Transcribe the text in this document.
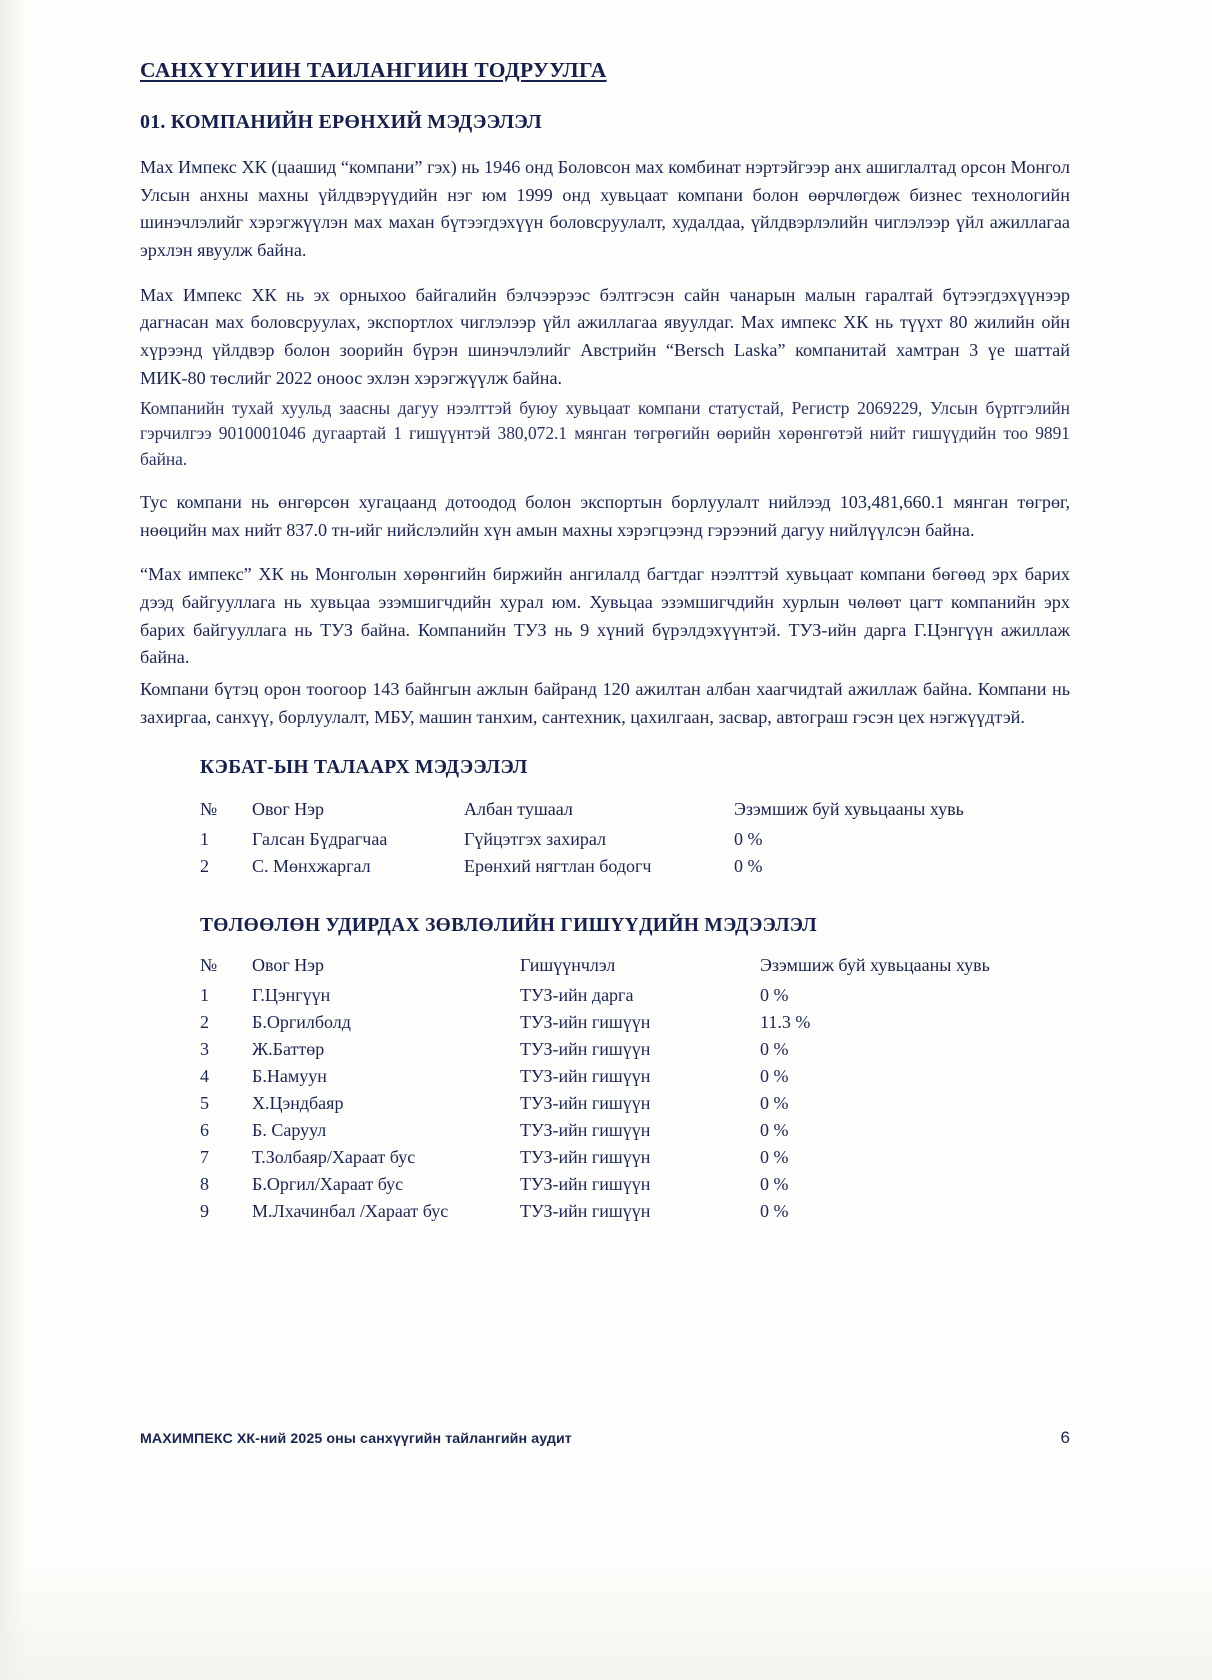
САНХҮҮГИИН ТАИЛАНГИИН ТОДРУУЛГА
01. КОМПАНИЙН ЕРӨНХИЙ МЭДЭЭЛЭЛ

Мах Импекс ХК (цаашид “компани” гэх) нь 1946 онд Боловсон мах комбинат нэртэйгээр анх ашиглалтад орсон Монгол Улсын анхны махны үйлдвэрүүдийн нэг юм 1999 онд хувьцаат компани болон өөрчлөгдөж бизнес технологийн шинэчлэлийг хэрэгжүүлэн мах махан бүтээгдэхүүн боловсруулалт, худалдаа, үйлдвэрлэлийн чиглэлээр үйл ажиллагаа эрхлэн явуулж байна.

Мах Импекс ХК нь эх орныхоо байгалийн бэлчээрээс бэлтгэсэн сайн чанарын малын гаралтай бүтээгдэхүүнээр дагнасан мах боловсруулах, экспортлох чиглэлээр үйл ажиллагаа явуулдаг. Мах импекс ХК нь түүхт 80 жилийн ойн хүрээнд үйлдвэр болон зоорийн бүрэн шинэчлэлийг Австрийн “Bersch Laska” компанитай хамтран 3 үе шаттай МИК-80 төслийг 2022 оноос эхлэн хэрэгжүүлж байна.

Компанийн тухай хуульд заасны дагуу нээлттэй буюу хувьцаат компани статустай, Регистр 2069229, Улсын бүртгэлийн гэрчилгээ 9010001046 дугаартай 1 гишүүнтэй 380,072.1 мянган төгрөгийн өөрийн хөрөнгөтэй нийт гишүүдийн тоо 9891 байна.

Тус компани нь өнгөрсөн хугацаанд дотоодод болон экспортын борлуулалт нийлээд 103,481,660.1 мянган төгрөг, нөөцийн мах нийт 837.0 тн-ийг нийслэлийн хүн амын махны хэрэгцээнд гэрээний дагуу нийлүүлсэн байна.

“Мах импекс” ХК нь Монголын хөрөнгийн биржийн ангилалд багтдаг нээлттэй хувьцаат компани бөгөөд эрх барих дээд байгууллага нь хувьцаа эзэмшигчдийн хурал юм. Хувьцаа эзэмшигчдийн хурлын чөлөөт цагт компанийн эрх барих байгууллага нь ТУЗ байна. Компанийн ТУЗ нь 9 хүний бүрэлдэхүүнтэй. ТУЗ-ийн дарга Г.Цэнгүүн ажиллаж байна.

Компани бүтэц орон тоогоор 143 байнгын ажлын байранд 120 ажилтан албан хаагчидтай ажиллаж байна. Компани нь захиргаа, санхүү, борлуулалт, МБУ, машин танхим, сантехник, цахилгаан, засвар, автограш гэсэн цех нэгжүүдтэй.

КЭБАТ-ЫН ТАЛААРХ МЭДЭЭЛЭЛ
№	Овог Нэр	Албан тушаал	Эзэмшиж буй хувьцааны хувь
1	Галсан Бүдрагчаа	Гүйцэтгэх захирал	0 %
2	С. Мөнхжаргал	Ерөнхий нягтлан бодогч	0 %
ТӨЛӨӨЛӨН УДИРДАХ ЗӨВЛӨЛИЙН ГИШҮҮДИЙН МЭДЭЭЛЭЛ
№	Овог Нэр	Гишүүнчлэл	Эзэмшиж буй хувьцааны хувь
1	Г.Цэнгүүн	ТУЗ-ийн дарга	0 %
2	Б.Оргилболд	ТУЗ-ийн гишүүн	11.3 %
3	Ж.Баттөр	ТУЗ-ийн гишүүн	0 %
4	Б.Намуун	ТУЗ-ийн гишүүн	0 %
5	Х.Цэндбаяр	ТУЗ-ийн гишүүн	0 %
6	Б. Саруул	ТУЗ-ийн гишүүн	0 %
7	Т.Золбаяр/Хараат бус	ТУЗ-ийн гишүүн	0 %
8	Б.Оргил/Хараат бус	ТУЗ-ийн гишүүн	0 %
9	М.Лхачинбал /Хараат бус	ТУЗ-ийн гишүүн	0 %
МАХИМПЕКС ХК-ний 2025 оны санхүүгийн тайлангийн аудит	6
